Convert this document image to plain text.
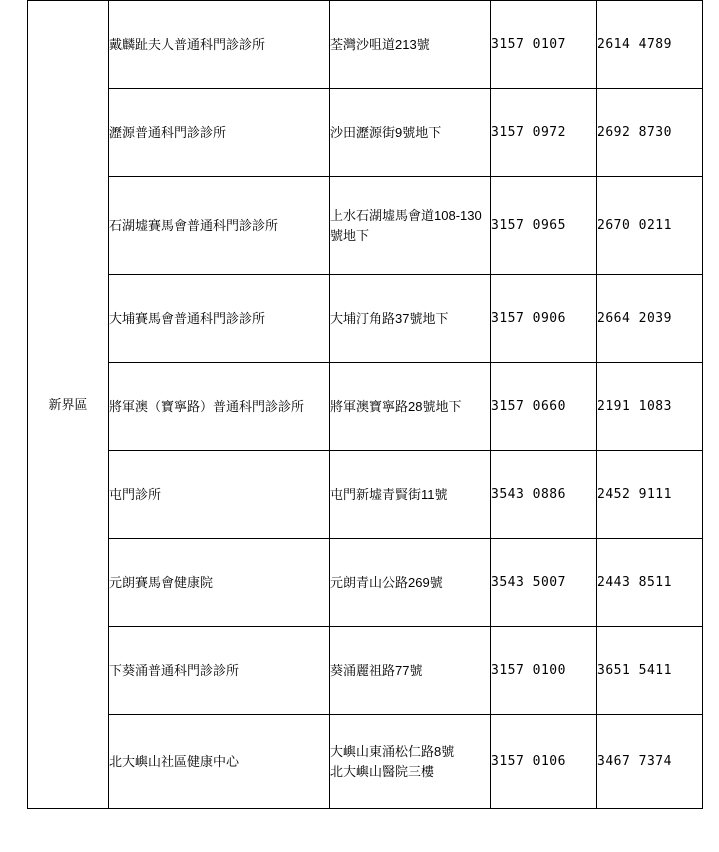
新界區	戴麟趾夫人普通科門診診所	荃灣沙咀道213號	3157 0107	2614 4789
	瀝源普通科門診診所	沙田瀝源街9號地下	3157 0972	2692 8730
	石湖墟賽馬會普通科門診診所	上水石湖墟馬會道108-130
號地下	3157 0965	2670 0211
	大埔賽馬會普通科門診診所	大埔汀角路37號地下	3157 0906	2664 2039
	將軍澳（寶寧路）普通科門診診所	將軍澳寶寧路28號地下	3157 0660	2191 1083
	屯門診所	屯門新墟青賢街11號	3543 0886	2452 9111
	元朗賽馬會健康院	元朗青山公路269號	3543 5007	2443 8511
	下葵涌普通科門診診所	葵涌麗祖路77號	3157 0100	3651 5411
	北大嶼山社區健康中心	大嶼山東涌松仁路8號
北大嶼山醫院三樓	3157 0106	3467 7374
